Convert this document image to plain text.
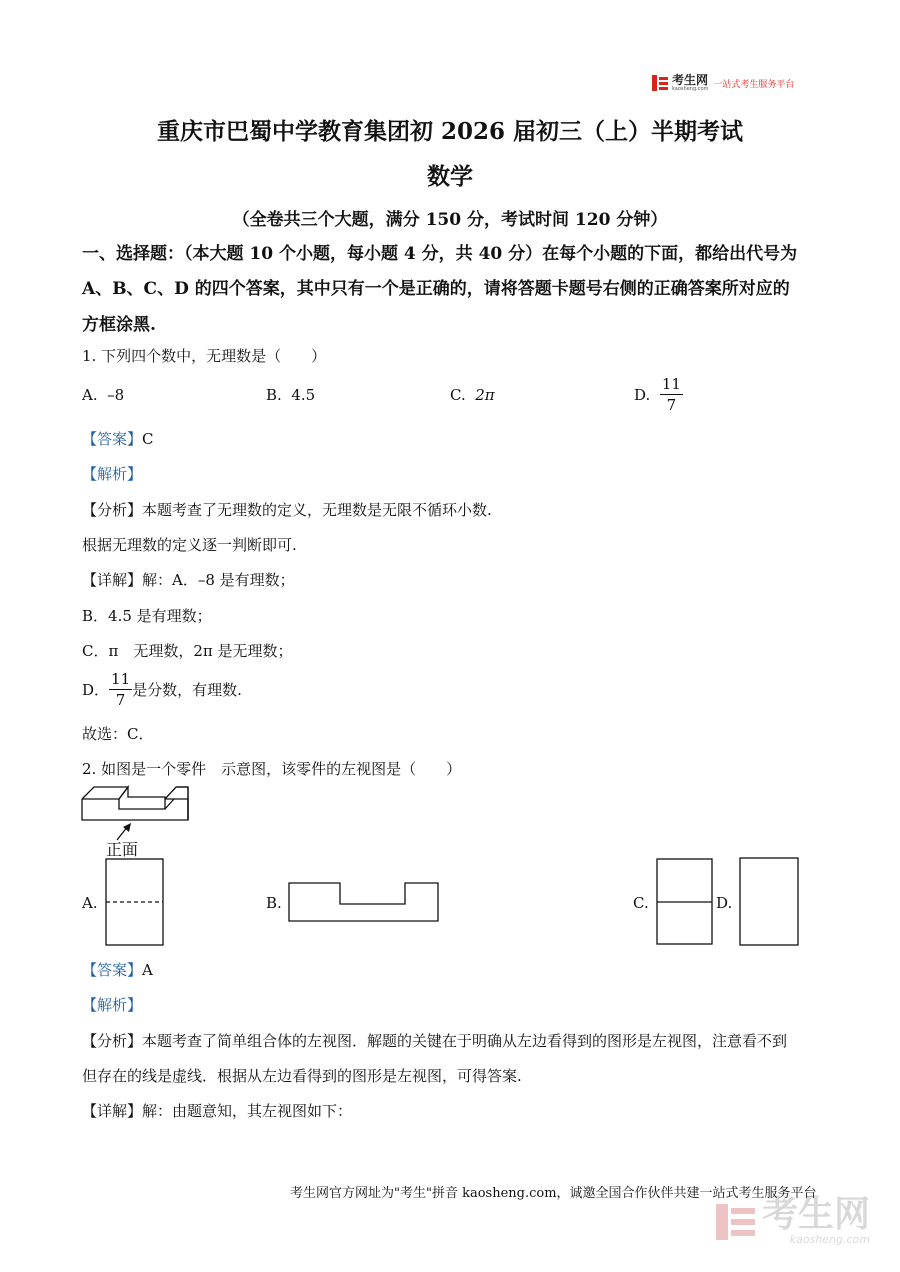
考生网
kaosheng.com 一站式考生服务平台
重庆市巴蜀中学教育集团初 2026 届初三（上）半期考试
数学
（全卷共三个大题，满分 150 分，考试时间 120 分钟）
一、选择题：（本大题 10 个小题，每小题 4 分，共 40 分）在每个小题的下面，都给出代号为
A、B、C、D 的四个答案，其中只有一个是正确的，请将答题卡题号右侧的正确答案所对应的
方框涂黑.
1. 下列四个数中，无理数是（　　）
A. –8	B. 4.5	C. 2π	D.
$\frac{11}{7}$
【答案】C
【解析】
【分析】本题考查了无理数的定义，无理数是无限不循环小数.
根据无理数的定义逐一判断即可.
【详解】解：A．–8 是有理数；
B．4.5 是有理数；
C．π　无理数，2π 是无理数；
D． $\frac{11}{7}$ 是分数，有理数.
故选：C．
2. 如图是一个零件　示意图，该零件的左视图是（　　）
正面
A.	B.	C.	D.
【答案】A
【解析】
【分析】本题考查了简单组合体的左视图．解题的关键在于明确从左边看得到的图形是左视图，注意看不到
但存在的线是虚线．根据从左边看得到的图形是左视图，可得答案.
【详解】解：由题意知，其左视图如下：
考生网官方网址为"考生"拼音 kaosheng.com，诚邀全国合作伙伴共建一站式考生服务平台
考生网
kaosheng.com
